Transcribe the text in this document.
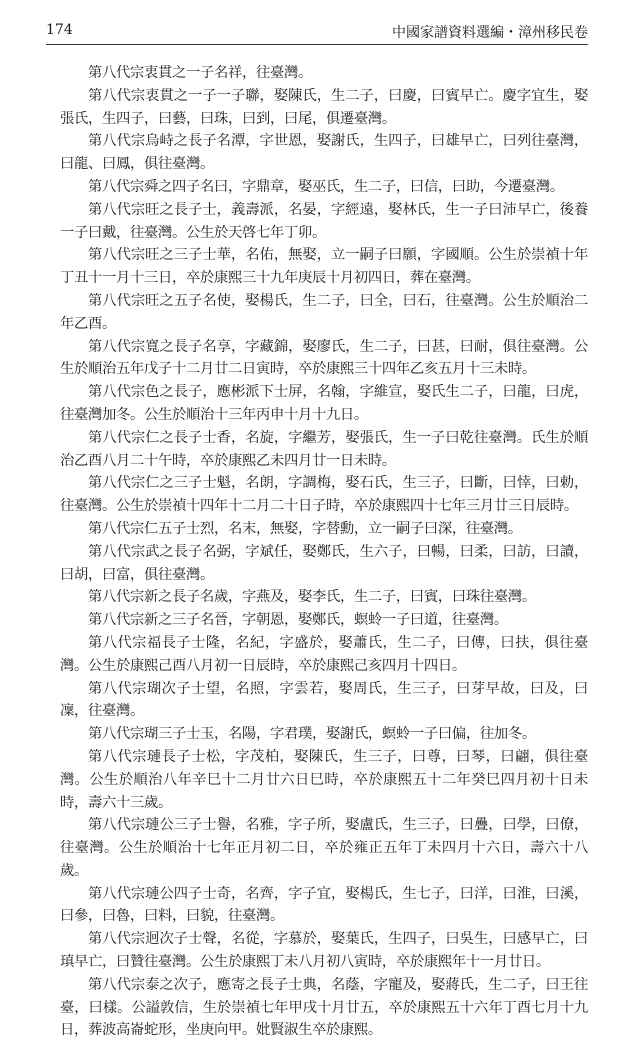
174	中國家譜資料選編・漳州移民卷

第八代宗衷貫之一子名祥，往臺灣。

第八代宗衷貫之一子一子聯，娶陳氏，生二子，曰慶，曰賓早亡。慶字宜生，娶張氏，生四子，曰藝，曰珠，曰到，曰尾，俱遷臺灣。

第八代宗烏峙之長子名潭，字世恩，娶謝氏，生四子，曰雄早亡，曰列往臺灣，曰龍、曰鳳，俱往臺灣。

第八代宗舜之四子名曰，字鼎章，娶巫氏，生二子，曰信，曰助，今遷臺灣。

第八代宗旺之長子士，義壽派，名晏，字經遠，娶林氏，生一子曰沛早亡，後養一子曰戴，往臺灣。公生於天啓七年丁卯。

第八代宗旺之三子士華，名佑，無娶，立一嗣子曰願，字國順。公生於崇禎十年丁丑十一月十三日，卒於康熙三十九年庚辰十月初四日，葬在臺灣。

第八代宗旺之五子名使，娶楊氏，生二子，曰全，曰石，往臺灣。公生於順治二年乙酉。

第八代宗寬之長子名享，字藏錦，娶廖氏，生二子，曰甚，曰耐，俱往臺灣。公生於順治五年戊子十二月廿二日寅時，卒於康熙三十四年乙亥五月十三未時。

第八代宗色之長子，應彬派下士屏，名翰，字維宣，娶氏生二子，曰龍，曰虎，往臺灣加冬。公生於順治十三年丙申十月十九日。

第八代宗仁之長子士香，名旋，字繼芳，娶張氏，生一子曰乾往臺灣。氏生於順治乙酉八月二十午時，卒於康熙乙未四月廿一日未時。

第八代宗仁之三子士魁，名朗，字調梅，娶石氏，生三子，曰斷，曰悻，曰勅，往臺灣。公生於崇禎十四年十二月二十日子時，卒於康熙四十七年三月廿三日辰時。

第八代宗仁五子士烈，名末，無娶，字替勳，立一嗣子曰深，往臺灣。

第八代宗武之長子名弼，字斌任，娶鄭氏，生六子，曰暢，曰柔，曰訪，曰讀，曰胡，曰富，俱往臺灣。

第八代宗新之長子名歲，字燕及，娶李氏，生二子，曰賓，曰珠往臺灣。

第八代宗新之三子名晉，字朝恩，娶鄭氏，螟蛉一子曰道，往臺灣。

第八代宗福長子士隆，名紀，字盛於，娶蕭氏，生二子，曰傳，曰扶，俱往臺灣。公生於康熙己酉八月初一日辰時，卒於康熙己亥四月十四日。

第八代宗瑚次子士望，名照，字雲若，娶周氏，生三子，曰芽早故，曰及，曰凜，往臺灣。

第八代宗瑚三子士玉，名陽，字君璞，娶謝氏，螟蛉一子曰偏，往加冬。

第八代宗璉長子士松，字茂柏，娶陳氏，生三子，曰尊，曰琴，曰翩，俱往臺灣。公生於順治八年辛巳十二月廿六日巳時，卒於康熙五十二年癸巳四月初十日未時，壽六十三歲。

第八代宗璉公三子士譽，名雅，字子所，娶盧氏，生三子，曰疊，曰學，曰僚，往臺灣。公生於順治十七年正月初二日，卒於雍正五年丁未四月十六日，壽六十八歲。

第八代宗璉公四子士奇，名齊，字子宜，娶楊氏，生七子，曰洋，曰淮，曰溪，曰參，曰魯，曰料，曰貌，往臺灣。

第八代宗迥次子士聲，名從，字慕於，娶葉氏，生四子，曰吳生，曰感早亡，曰瑱早亡，曰贊往臺灣。公生於康熙丁未八月初八寅時，卒於康熙年十一月廿日。

第八代宗泰之次子，應寄之長子士典，名蔭，字寵及，娶蔣氏，生二子，曰王往臺，曰樣。公謚敦信，生於崇禎七年甲戌十月廿五，卒於康熙五十六年丁酉七月十九日，葬波高崙蛇形，坐庚向甲。妣賢淑生卒於康熙。
